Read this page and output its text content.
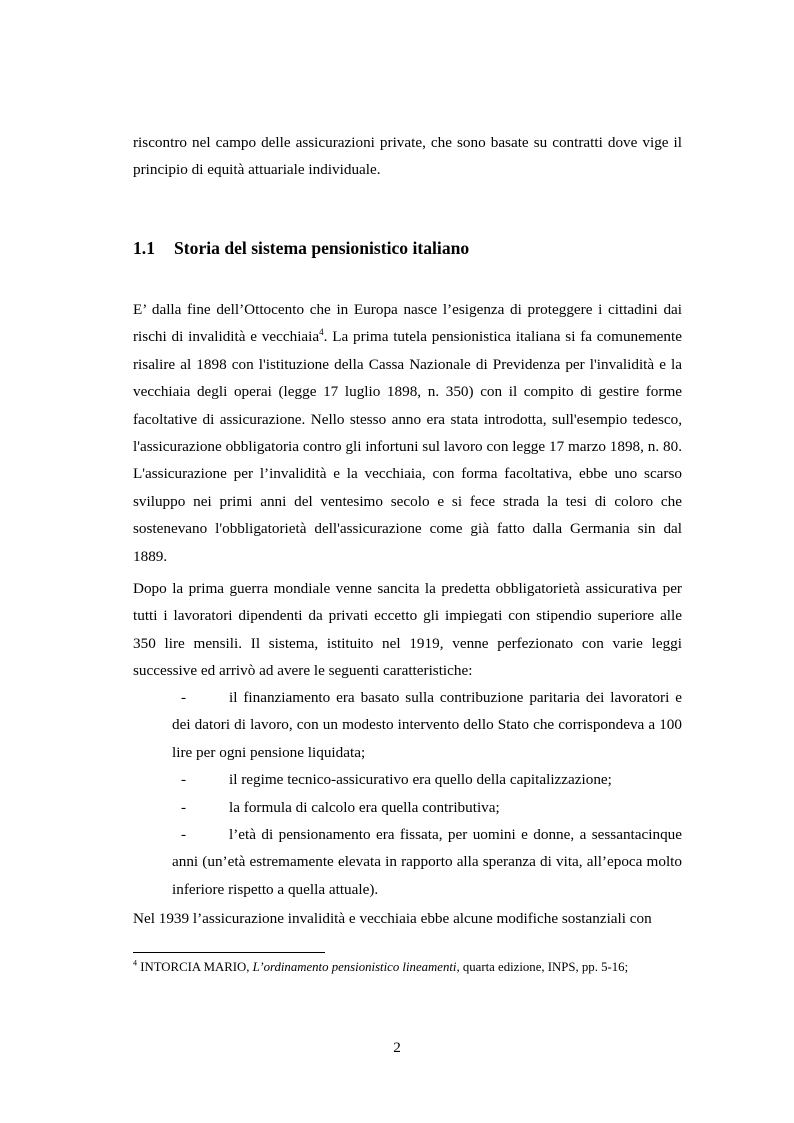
riscontro nel campo delle assicurazioni private, che sono basate su contratti dove vige il principio di equità attuariale individuale.

1.1 Storia del sistema pensionistico italiano

E’ dalla fine dell’Ottocento che in Europa nasce l’esigenza di proteggere i cittadini dai rischi di invalidità e vecchiaia$^4$. La prima tutela pensionistica italiana si fa comunemente risalire al 1898 con l'istituzione della Cassa Nazionale di Previdenza per l'invalidità e la vecchiaia degli operai (legge 17 luglio 1898, n. 350) con il compito di gestire forme facoltative di assicurazione. Nello stesso anno era stata introdotta, sull'esempio tedesco, l'assicurazione obbligatoria contro gli infortuni sul lavoro con legge 17 marzo 1898, n. 80. L'assicurazione per l’invalidità e la vecchiaia, con forma facoltativa, ebbe uno scarso sviluppo nei primi anni del ventesimo secolo e si fece strada la tesi di coloro che sostenevano l'obbligatorietà dell'assicurazione come già fatto dalla Germania sin dal 1889.

Dopo la prima guerra mondiale venne sancita la predetta obbligatorietà assicurativa per tutti i lavoratori dipendenti da privati eccetto gli impiegati con stipendio superiore alle 350 lire mensili. Il sistema, istituito nel 1919, venne perfezionato con varie leggi successive ed arrivò ad avere le seguenti caratteristiche:

-	il finanziamento era basato sulla contribuzione paritaria dei lavoratori e dei datori di lavoro, con un modesto intervento dello Stato che corrispondeva a 100 lire per ogni pensione liquidata;
-	il regime tecnico-assicurativo era quello della capitalizzazione;
-	la formula di calcolo era quella contributiva;
-	l’età di pensionamento era fissata, per uomini e donne, a sessantacinque anni (un’età estremamente elevata in rapporto alla speranza di vita, all’epoca molto inferiore rispetto a quella attuale).

Nel 1939 l’assicurazione invalidità e vecchiaia ebbe alcune modifiche sostanziali con

$^4$ INTORCIA MARIO, L’ordinamento pensionistico lineamenti, quarta edizione, INPS, pp. 5-16;
2
